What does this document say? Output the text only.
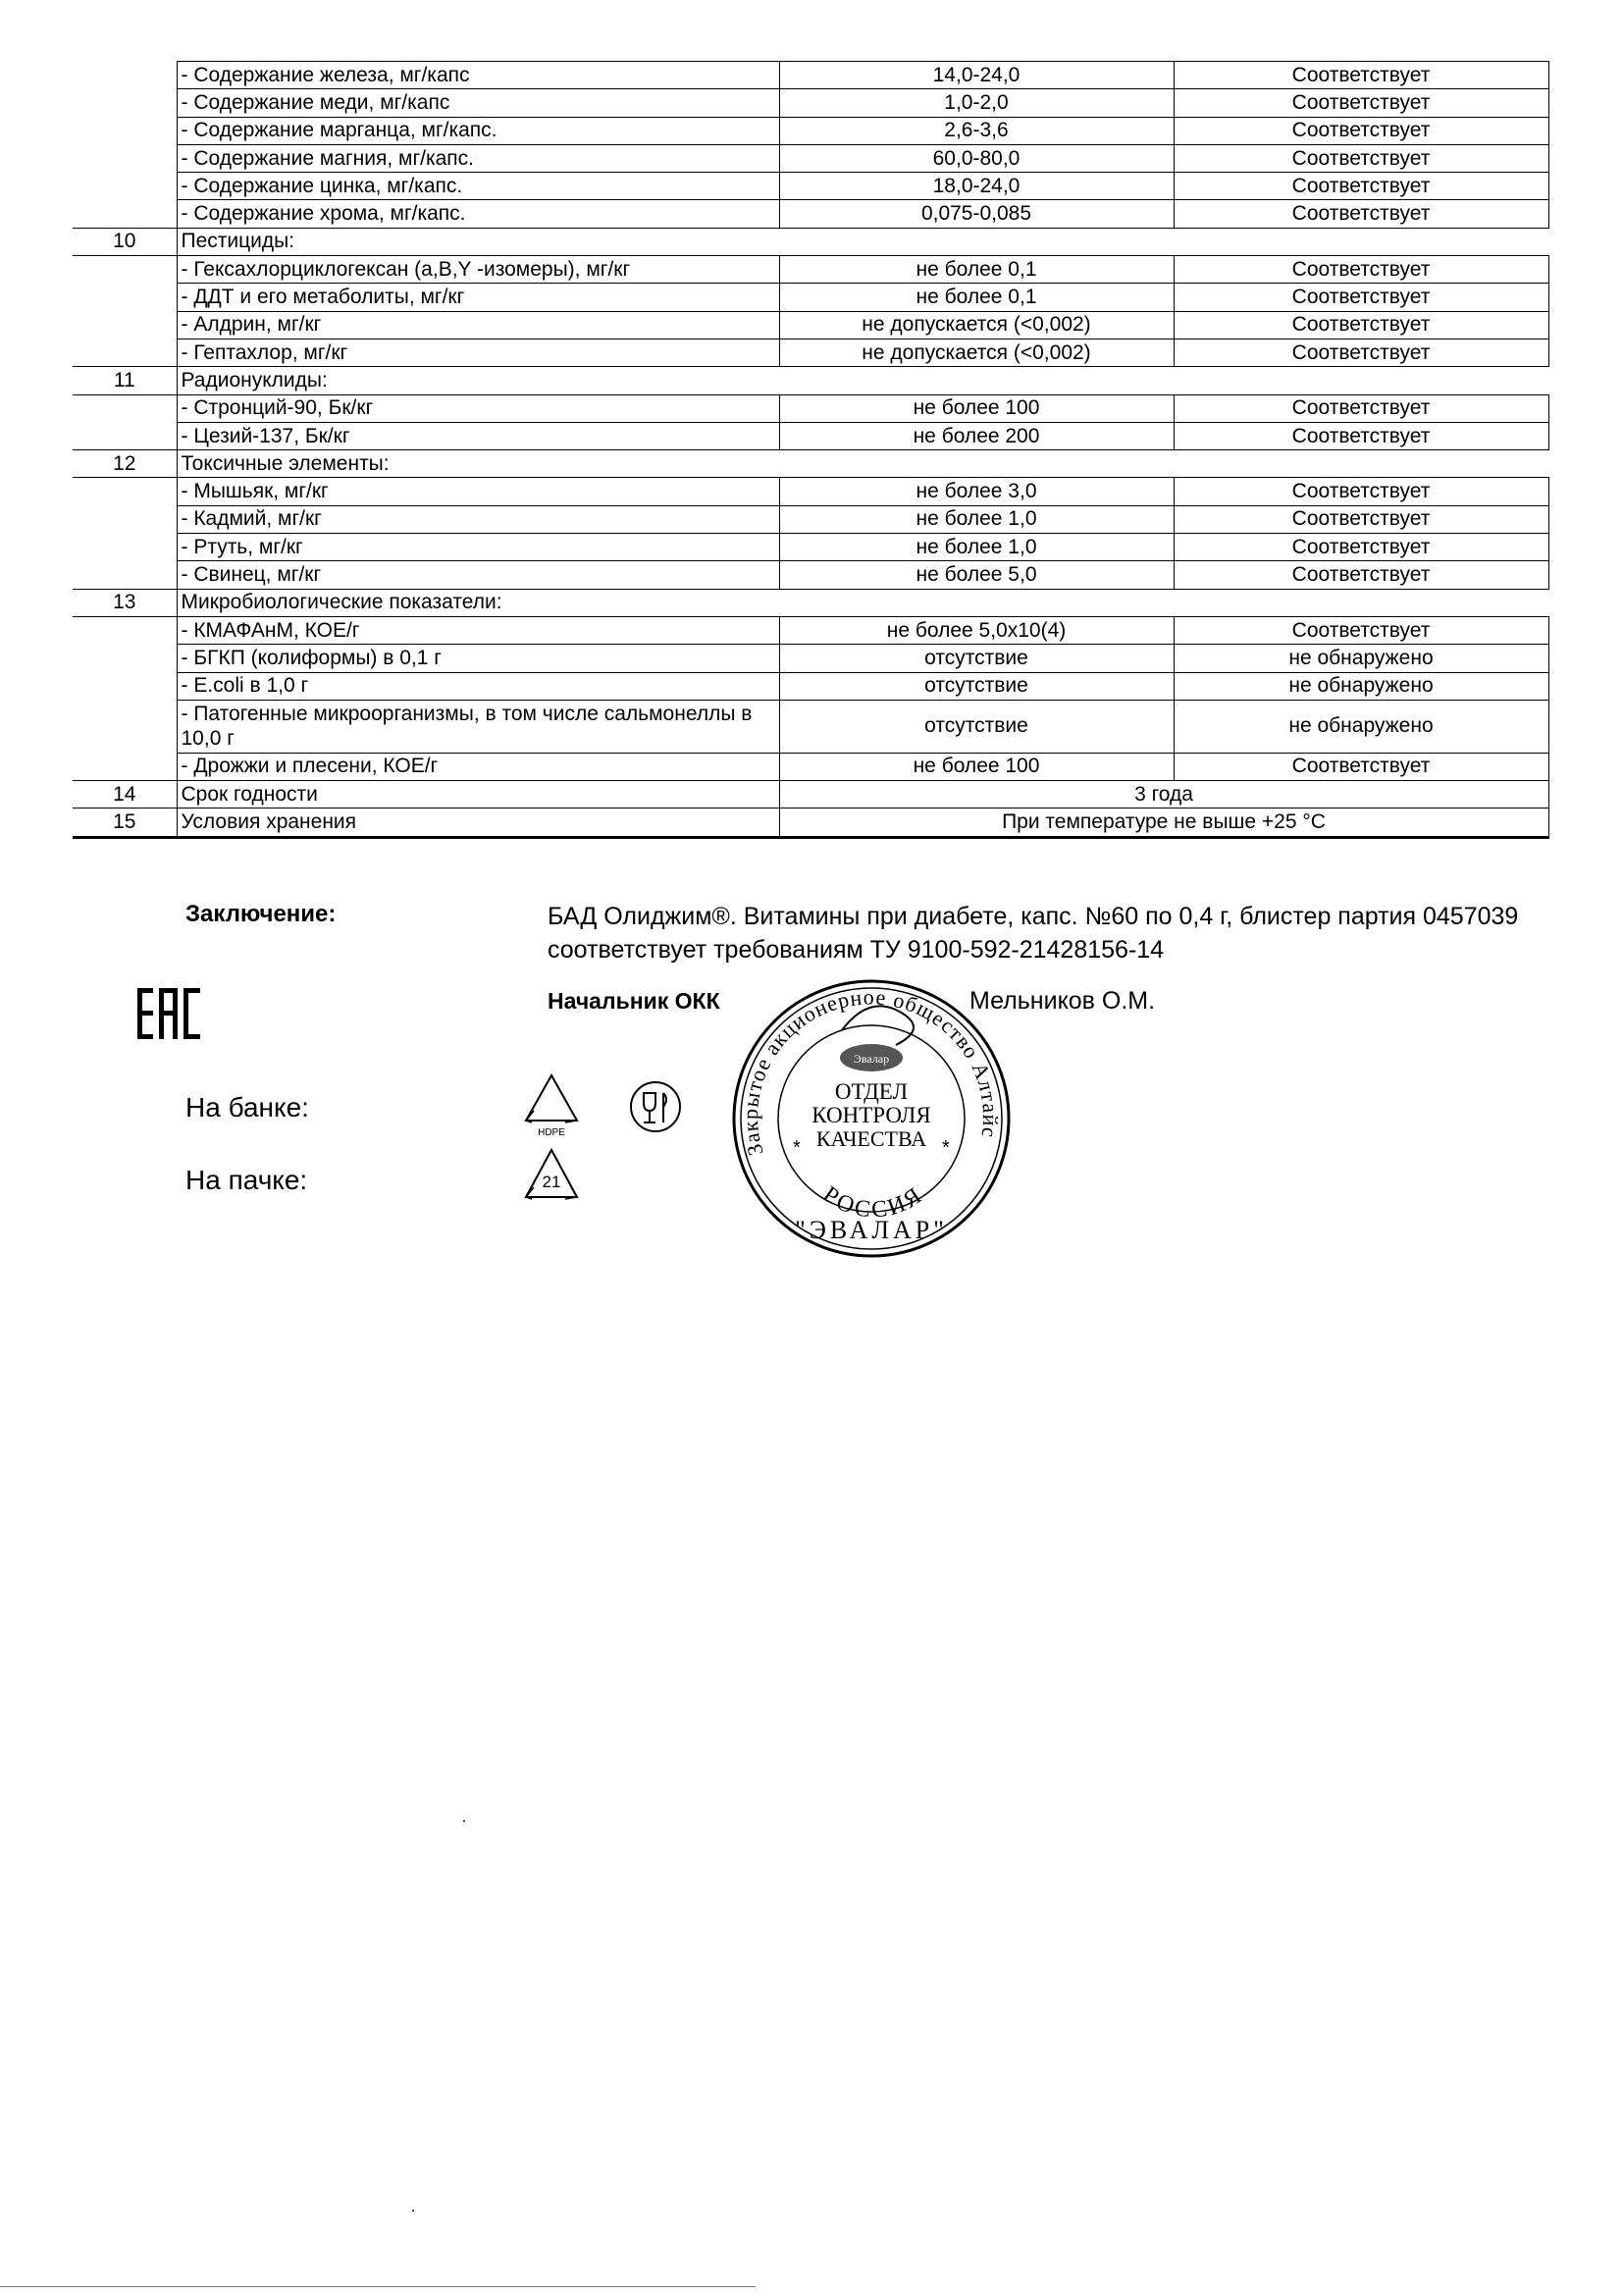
	- Содержание железа, мг/капс	14,0-24,0	Соответствует
	- Содержание меди, мг/капс	1,0-2,0	Соответствует
	- Содержание марганца, мг/капс.	2,6-3,6	Соответствует
	- Содержание магния, мг/капс.	60,0-80,0	Соответствует
	- Содержание цинка, мг/капс.	18,0-24,0	Соответствует
	- Содержание хрома, мг/капс.	0,075-0,085	Соответствует
10	Пестициды:		
	- Гексахлорциклогексан (а,В,Y -изомеры), мг/кг	не более 0,1	Соответствует
	- ДДТ и его метаболиты, мг/кг	не более 0,1	Соответствует
	- Алдрин, мг/кг	не допускается (<0,002)	Соответствует
	- Гептахлор, мг/кг	не допускается (<0,002)	Соответствует
11	Радионуклиды:		
	- Стронций-90, Бк/кг	не более 100	Соответствует
	- Цезий-137, Бк/кг	не более 200	Соответствует
12	Токсичные элементы:		
	- Мышьяк, мг/кг	не более 3,0	Соответствует
	- Кадмий, мг/кг	не более 1,0	Соответствует
	- Ртуть, мг/кг	не более 1,0	Соответствует
	- Свинец, мг/кг	не более 5,0	Соответствует
13	Микробиологические показатели:		
	- КМАФАнМ, КОЕ/г	не более 5,0x10(4)	Соответствует
	- БГКП (колиформы) в 0,1 г	отсутствие	не обнаружено
	- E.coli в 1,0 г	отсутствие	не обнаружено
	- Патогенные микроорганизмы, в том числе сальмонеллы в 10,0 г	отсутствие	не обнаружено
	- Дрожжи и плесени, КОЕ/г	не более 100	Соответствует
14	Срок годности	3 года	
15	Условия хранения	При температуре не выше +25 °С	
Заключение:	БАД Олиджим®. Витамины при диабете, капс. №60 по 0,4 г, блистер партия 0457039 соответствует требованиям ТУ 9100-592-21428156-14
Начальник ОКК	Мельников О.М.
На банке:
На пачке:
HDPE
21
Закрытое акционерное общество Алтайс
Эвалар
ОТДЕЛ
КОНТРОЛЯ
КАЧЕСТВА
*	*
РОССИЯ
"ЭВАЛАР"
